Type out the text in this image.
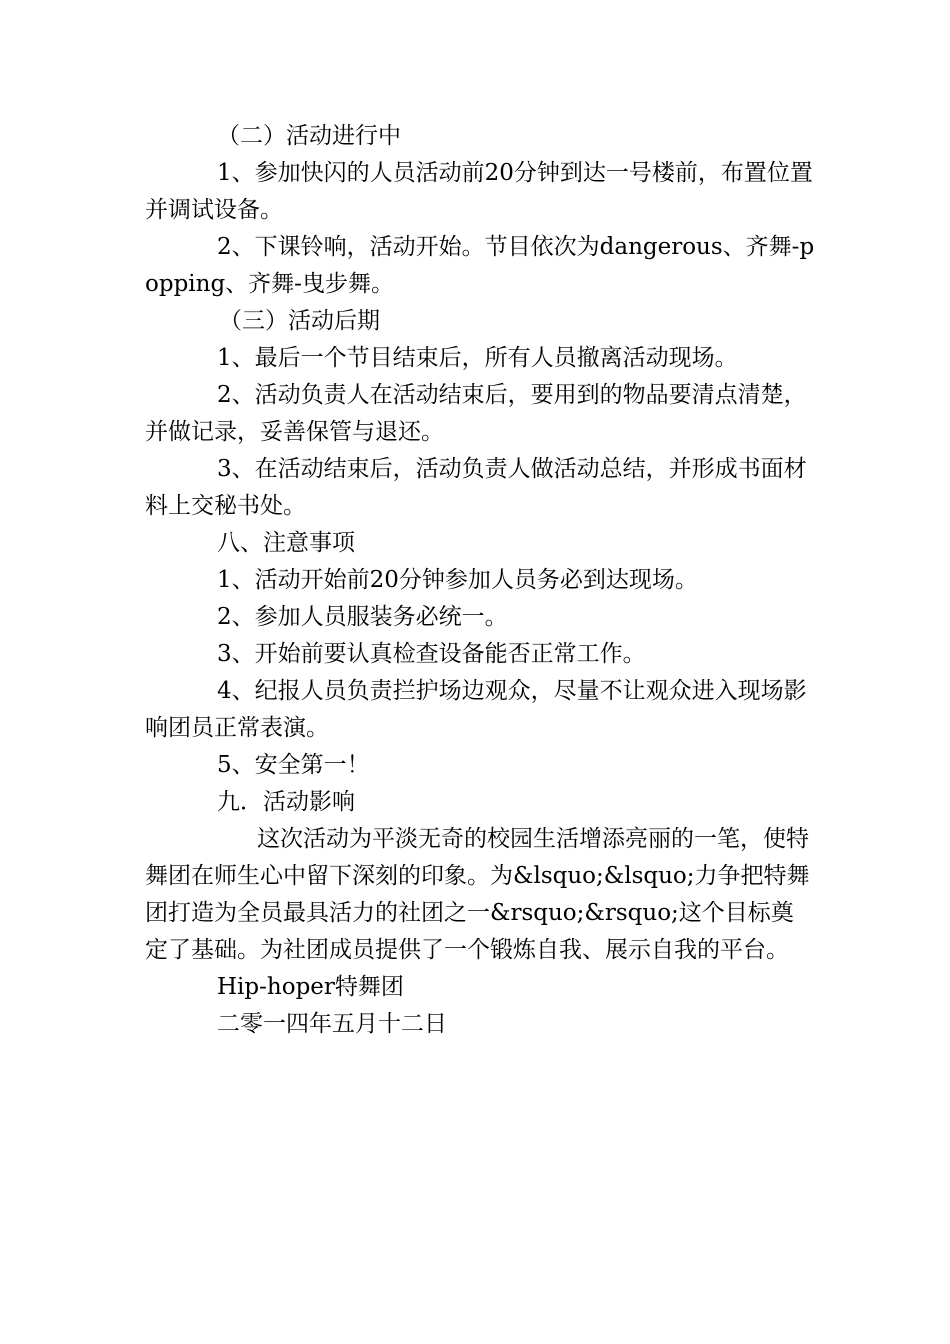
（二）活动进行中

1、参加快闪的人员活动前20分钟到达一号楼前，布置位置并调试设备。

2、下课铃响，活动开始。节目依次为dangerous、齐舞-popping、齐舞-曳步舞。

（三）活动后期

1、最后一个节目结束后，所有人员撤离活动现场。

2、活动负责人在活动结束后，要用到的物品要清点清楚，并做记录，妥善保管与退还。

3、在活动结束后，活动负责人做活动总结，并形成书面材料上交秘书处。

八、注意事项

1、活动开始前20分钟参加人员务必到达现场。

2、参加人员服装务必统一。

3、开始前要认真检查设备能否正常工作。

4、纪报人员负责拦护场边观众，尽量不让观众进入现场影响团员正常表演。

5、安全第一！

九．活动影响

这次活动为平淡无奇的校园生活增添亮丽的一笔，使特舞团在师生心中留下深刻的印象。为&lsquo;&lsquo;力争把特舞团打造为全员最具活力的社团之一&rsquo;&rsquo;这个目标奠定了基础。为社团成员提供了一个锻炼自我、展示自我的平台。

Hip-hoper特舞团

二零一四年五月十二日
